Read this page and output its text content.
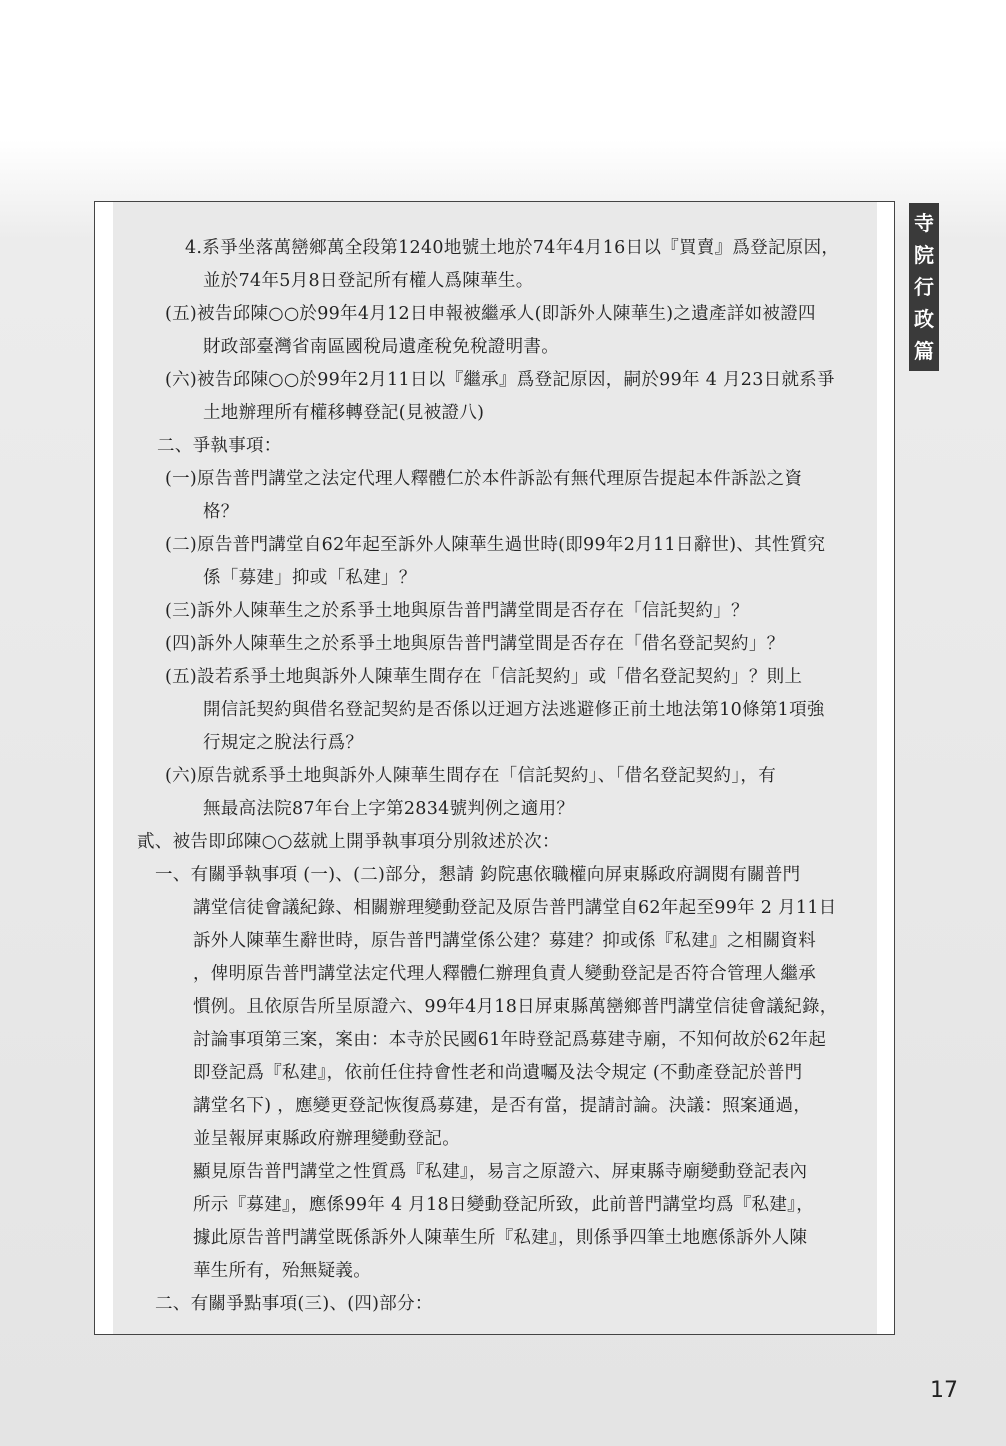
4.系爭坐落萬巒鄉萬全段第1240地號土地於74年4月16日以『買賣』爲登記原因，
並於74年5月8日登記所有權人爲陳華生。
(五)被告邱陳○○於99年4月12日申報被繼承人(即訴外人陳華生)之遺產詳如被證四
財政部臺灣省南區國稅局遺產稅免稅證明書。
(六)被告邱陳○○於99年2月11日以『繼承』爲登記原因，嗣於99年 4 月23日就系爭
土地辦理所有權移轉登記(見被證八)
二、爭執事項：
(一)原告普門講堂之法定代理人釋體仁於本件訴訟有無代理原告提起本件訴訟之資
格？
(二)原告普門講堂自62年起至訴外人陳華生過世時(即99年2月11日辭世)、其性質究
係「募建」抑或「私建」？
(三)訴外人陳華生之於系爭土地與原告普門講堂間是否存在「信託契約」？
(四)訴外人陳華生之於系爭土地與原告普門講堂間是否存在「借名登記契約」？
(五)設若系爭土地與訴外人陳華生間存在「信託契約」或「借名登記契約」？則上
開信託契約與借名登記契約是否係以迂迴方法逃避修正前土地法第10條第1項強
行規定之脫法行爲？
(六)原告就系爭土地與訴外人陳華生間存在「信託契約」、「借名登記契約」，有
無最高法院87年台上字第2834號判例之適用？
貳、被告即邱陳○○茲就上開爭執事項分別敘述於次：
一、有關爭執事項 (一)、(二)部分，懇請 鈞院惠依職權向屏東縣政府調閱有關普門
講堂信徒會議紀錄、相關辦理變動登記及原告普門講堂自62年起至99年 2 月11日
訴外人陳華生辭世時，原告普門講堂係公建？募建？抑或係『私建』之相關資料
，俾明原告普門講堂法定代理人釋體仁辦理負責人變動登記是否符合管理人繼承
慣例。且依原告所呈原證六、99年4月18日屏東縣萬巒鄉普門講堂信徒會議紀錄，
討論事項第三案，案由：本寺於民國61年時登記爲募建寺廟，不知何故於62年起
即登記爲『私建』，依前任住持會性老和尚遺囑及法令規定 (不動產登記於普門
講堂名下) ，應變更登記恢復爲募建，是否有當，提請討論。決議：照案通過，
並呈報屏東縣政府辦理變動登記。
顯見原告普門講堂之性質爲『私建』，易言之原證六、屏東縣寺廟變動登記表內
所示『募建』，應係99年 4 月18日變動登記所致，此前普門講堂均爲『私建』，
據此原告普門講堂既係訴外人陳華生所『私建』，則係爭四筆土地應係訴外人陳
華生所有，殆無疑義。
二、有關爭點事項(三)、(四)部分：
寺
院
行
政
篇
17
